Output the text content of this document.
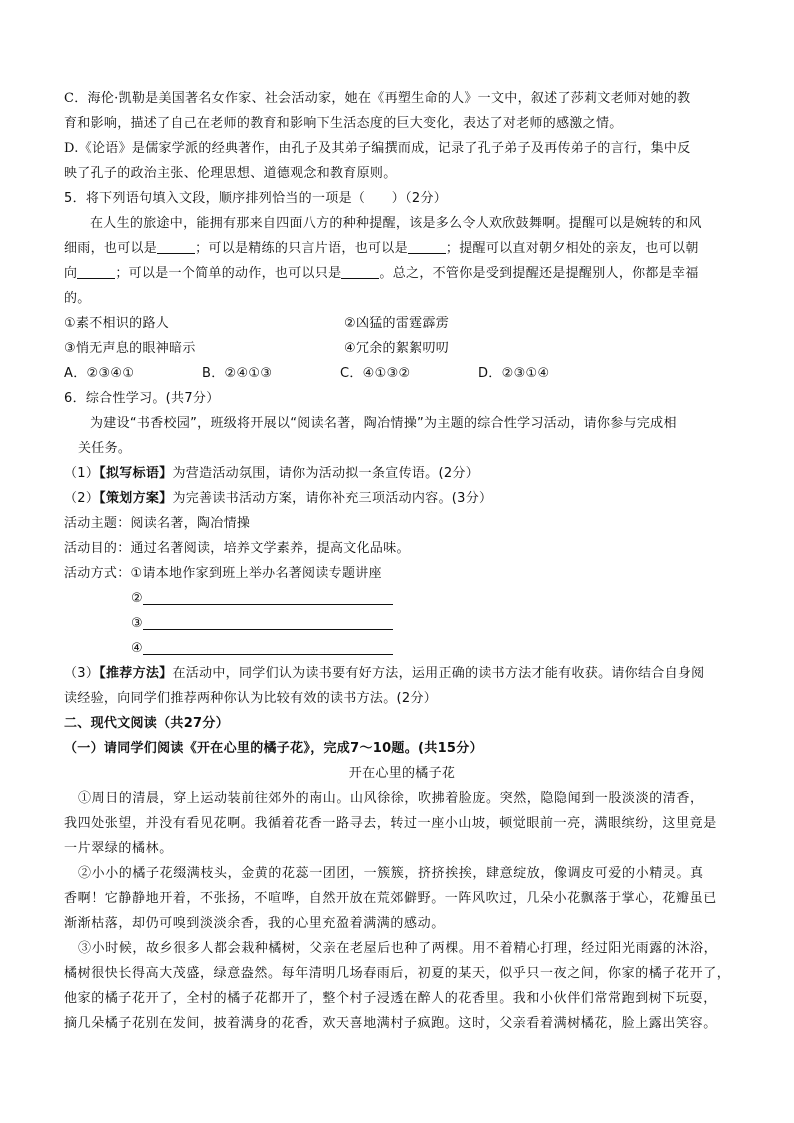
C．海伦·凯勒是美国著名女作家、社会活动家，她在《再塑生命的人》一文中，叙述了莎莉文老师对她的教
育和影响，描述了自己在老师的教育和影响下生活态度的巨大变化，表达了对老师的感激之情。
D.《论语》是儒家学派的经典著作，由孔子及其弟子编撰而成，记录了孔子弟子及再传弟子的言行，集中反
映了孔子的政治主张、伦理思想、道德观念和教育原则。
5．将下列语句填入文段，顺序排列恰当的一项是（　　）（2分）
在人生的旅途中，能拥有那来自四面八方的种种提醒，该是多么令人欢欣鼓舞啊。提醒可以是婉转的和风
细雨，也可以是	；可以是精练的只言片语，也可以是	；提醒可以直对朝夕相处的亲友，也可以朝
向	；可以是一个简单的动作，也可以只是	。总之，不管你是受到提醒还是提醒别人，你都是幸福
的。
①素不相识的路人	②凶猛的雷霆霹雳
③悄无声息的眼神暗示	④冗余的絮絮叨叨
A．②③④①	B．②④①③	C．④①③②	D．②③①④
6．综合性学习。(共7分）
为建设“书香校园”，班级将开展以“阅读名著，陶冶情操”为主题的综合性学习活动，请你参与完成相
关任务。
（1）【拟写标语】为营造活动氛围，请你为活动拟一条宣传语。(2分）
（2）【策划方案】为完善读书活动方案，请你补充三项活动内容。(3分）
活动主题：阅读名著，陶冶情操
活动目的：通过名著阅读，培养文学素养，提高文化品味。
活动方式：①请本地作家到班上举办名著阅读专题讲座
②
③
④
（3）【推荐方法】在活动中，同学们认为读书要有好方法，运用正确的读书方法才能有收获。请你结合自身阅
读经验，向同学们推荐两种你认为比较有效的读书方法。(2分）
二、现代文阅读（共27分）
（一）请同学们阅读《开在心里的橘子花》，完成7～10题。(共15分）
开在心里的橘子花
①周日的清晨，穿上运动装前往郊外的南山。山风徐徐，吹拂着脸庞。突然，隐隐闻到一股淡淡的清香，
我四处张望，并没有看见花啊。我循着花香一路寻去，转过一座小山坡，顿觉眼前一亮，满眼缤纷，这里竟是
一片翠绿的橘林。
②小小的橘子花缀满枝头，金黄的花蕊一团团，一簇簇，挤挤挨挨，肆意绽放，像调皮可爱的小精灵。真
香啊！它静静地开着，不张扬，不喧哗，自然开放在荒郊僻野。一阵风吹过，几朵小花飘落于掌心，花瓣虽已
渐渐枯落，却仍可嗅到淡淡余香，我的心里充盈着满满的感动。
③小时候，故乡很多人都会栽种橘树，父亲在老屋后也种了两棵。用不着精心打理，经过阳光雨露的沐浴，
橘树很快长得高大茂盛，绿意盎然。每年清明几场春雨后，初夏的某天，似乎只一夜之间，你家的橘子花开了，
他家的橘子花开了，全村的橘子花都开了，整个村子浸透在醉人的花香里。我和小伙伴们常常跑到树下玩耍，
摘几朵橘子花别在发间，披着满身的花香，欢天喜地满村子疯跑。这时，父亲看着满树橘花，脸上露出笑容。
